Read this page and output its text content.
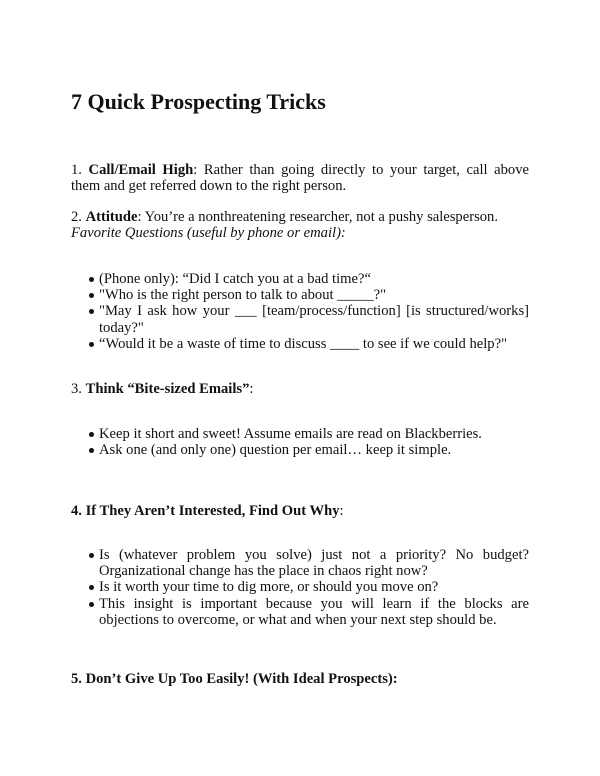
7 Quick Prospecting Tricks

1. Call/Email High: Rather than going directly to your target, call above them and get referred down to the right person.

2. Attitude: You’re a nonthreatening researcher, not a pushy salesperson.
Favorite Questions (useful by phone or email):

(Phone only): “Did I catch you at a bad time?“
"Who is the right person to talk to about _____?"
"May I ask how your ___ [team/process/function] [is structured/works] today?"
“Would it be a waste of time to discuss ____ to see if we could help?"

3. Think “Bite-sized Emails”:

Keep it short and sweet! Assume emails are read on Blackberries.
Ask one (and only one) question per email… keep it simple.

4. If They Aren’t Interested, Find Out Why:

Is (whatever problem you solve) just not a priority? No budget? Organizational change has the place in chaos right now?
Is it worth your time to dig more, or should you move on?
This insight is important because you will learn if the blocks are objections to overcome, or what and when your next step should be.

5. Don’t Give Up Too Easily! (With Ideal Prospects):
